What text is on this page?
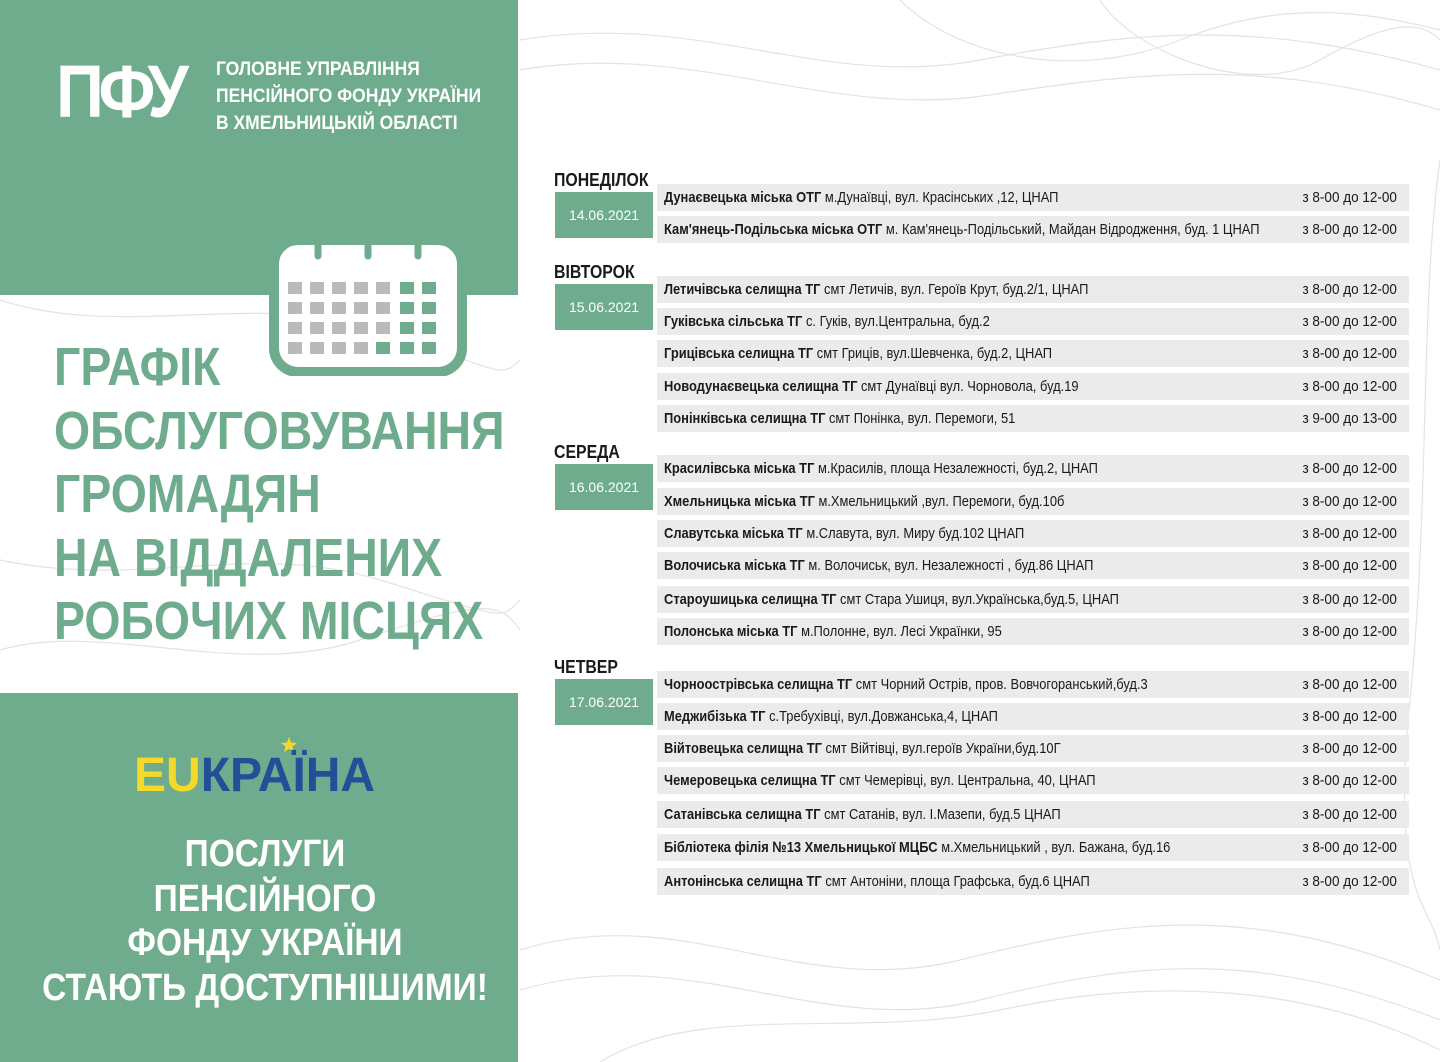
ПФУ ГОЛОВНЕ УПРАВЛІННЯ
ПЕНСІЙНОГО ФОНДУ УКРАЇНИ
В ХМЕЛЬНИЦЬКІЙ ОБЛАСТІ
ГРАФІК
ОБСЛУГОВУВАННЯ
ГРОМАДЯН
НА ВІДДАЛЕНИХ
РОБОЧИХ МІСЦЯХ
EUКРАЇНА
ПОСЛУГИ
ПЕНСІЙНОГО
ФОНДУ УКРАЇНИ
СТАЮТЬ ДОСТУПНІШИМИ!
ПОНЕДІЛОК
14.06.2021
Дунаєвецька міська ОТГ м.Дунаївці, вул. Красінських ,12, ЦНАП	з 8-00 до 12-00
Кам'янець-Подільська міська ОТГ м. Кам'янець-Подільський, Майдан Відродження, буд. 1 ЦНАП	з 8-00 до 12-00
ВІВТОРОК
15.06.2021
Летичівська селищна ТГ смт Летичів, вул. Героїв Крут, буд.2/1, ЦНАП	з 8-00 до 12-00
Гуківська сільська ТГ с. Гуків, вул.Центральна, буд.2	з 8-00 до 12-00
Грицівська селищна ТГ смт Гриців, вул.Шевченка, буд.2, ЦНАП	з 8-00 до 12-00
Новодунаєвецька селищна ТГ смт Дунаївці вул. Чорновола, буд.19	з 8-00 до 12-00
Понінківська селищна ТГ смт Понінка, вул. Перемоги, 51	з 9-00 до 13-00
СЕРЕДА
16.06.2021
Красилівська міська ТГ м.Красилів, площа Незалежності, буд.2, ЦНАП	з 8-00 до 12-00
Хмельницька міська ТГ м.Хмельницький ,вул. Перемоги, буд.10б	з 8-00 до 12-00
Славутська міська ТГ м.Славута, вул. Миру буд.102 ЦНАП	з 8-00 до 12-00
Волочиська міська ТГ м. Волочиськ, вул. Незалежності , буд.86 ЦНАП	з 8-00 до 12-00
Староушицька селищна ТГ смт Стара Ушиця, вул.Українська,буд.5, ЦНАП	з 8-00 до 12-00
Полонська міська ТГ м.Полонне, вул. Лесі Українки, 95	з 8-00 до 12-00
ЧЕТВЕР
17.06.2021
Чорноострівська селищна ТГ смт Чорний Острів, пров. Вовчогоранський,буд.3	з 8-00 до 12-00
Меджибізька ТГ с.Требухівці, вул.Довжанська,4, ЦНАП	з 8-00 до 12-00
Війтовецька селищна ТГ смт Війтівці, вул.героїв України,буд.10Г	з 8-00 до 12-00
Чемеровецька селищна ТГ смт Чемерівці, вул. Центральна, 40, ЦНАП	з 8-00 до 12-00
Сатанівська селищна ТГ смт Сатанів, вул. І.Мазепи, буд.5 ЦНАП	з 8-00 до 12-00
Бібліотека філія №13 Хмельницької МЦБС м.Хмельницький , вул. Бажана, буд.16	з 8-00 до 12-00
Антонінська селищна ТГ смт Антоніни, площа Графська, буд.6 ЦНАП	з 8-00 до 12-00
